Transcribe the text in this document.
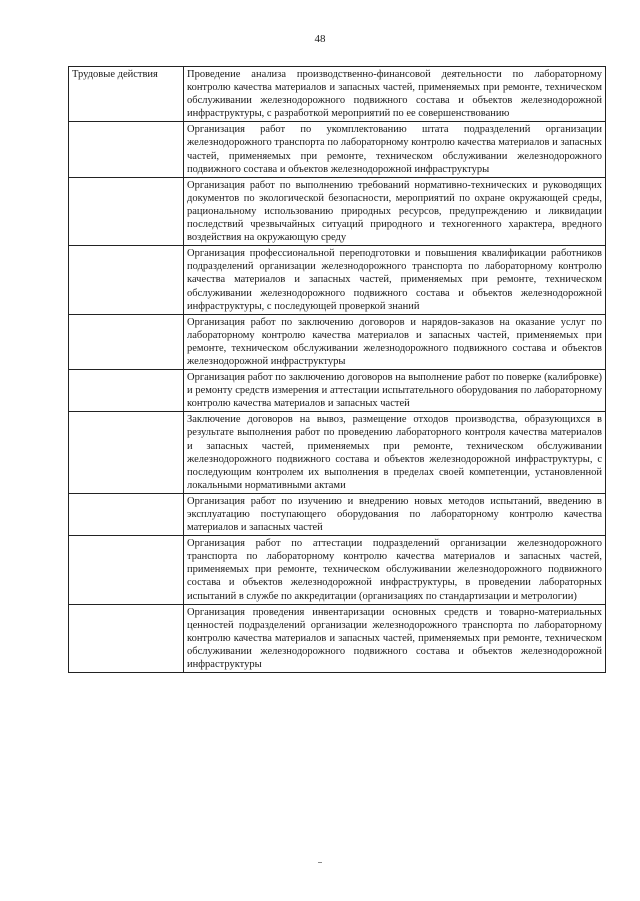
48
Трудовые действия	Проведение анализа производственно-финансовой деятельности по лабораторному контролю качества материалов и запасных частей, применяемых при ремонте, техническом обслуживании железнодорожного подвижного состава и объектов железнодорожной инфраструктуры, с разработкой мероприятий по ее совершенствованию
	Организация работ по укомплектованию штата подразделений организации железнодорожного транспорта по лабораторному контролю качества материалов и запасных частей, применяемых при ремонте, техническом обслуживании железнодорожного подвижного состава и объектов железнодорожной инфраструктуры
	Организация работ по выполнению требований нормативно-технических и руководящих документов по экологической безопасности, мероприятий по охране окружающей среды, рациональному использованию природных ресурсов, предупреждению и ликвидации последствий чрезвычайных ситуаций природного и техногенного характера, вредного воздействия на окружающую среду
	Организация профессиональной переподготовки и повышения квалификации работников подразделений организации железнодорожного транспорта по лабораторному контролю качества материалов и запасных частей, применяемых при ремонте, техническом обслуживании железнодорожного подвижного состава и объектов железнодорожной инфраструктуры, с последующей проверкой знаний
	Организация работ по заключению договоров и нарядов-заказов на оказание услуг по лабораторному контролю качества материалов и запасных частей, применяемых при ремонте, техническом обслуживании железнодорожного подвижного состава и объектов железнодорожной инфраструктуры
	Организация работ по заключению договоров на выполнение работ по поверке (калибровке) и ремонту средств измерения и аттестации испытательного оборудования по лабораторному контролю качества материалов и запасных частей
	Заключение договоров на вывоз, размещение отходов производства, образующихся в результате выполнения работ по проведению лабораторного контроля качества материалов и запасных частей, применяемых при ремонте, техническом обслуживании железнодорожного подвижного состава и объектов железнодорожной инфраструктуры, с последующим контролем их выполнения в пределах своей компетенции, установленной локальными нормативными актами
	Организация работ по изучению и внедрению новых методов испытаний, введению в эксплуатацию поступающего оборудования по лабораторному контролю качества материалов и запасных частей
	Организация работ по аттестации подразделений организации железнодорожного транспорта по лабораторному контролю качества материалов и запасных частей, применяемых при ремонте, техническом обслуживании железнодорожного подвижного состава и объектов железнодорожной инфраструктуры, в проведении лабораторных испытаний в службе по аккредитации (организациях по стандартизации и метрологии)
	Организация проведения инвентаризации основных средств и товарно-материальных ценностей подразделений организации железнодорожного транспорта по лабораторному контролю качества материалов и запасных частей, применяемых при ремонте, техническом обслуживании железнодорожного подвижного состава и объектов железнодорожной инфраструктуры
